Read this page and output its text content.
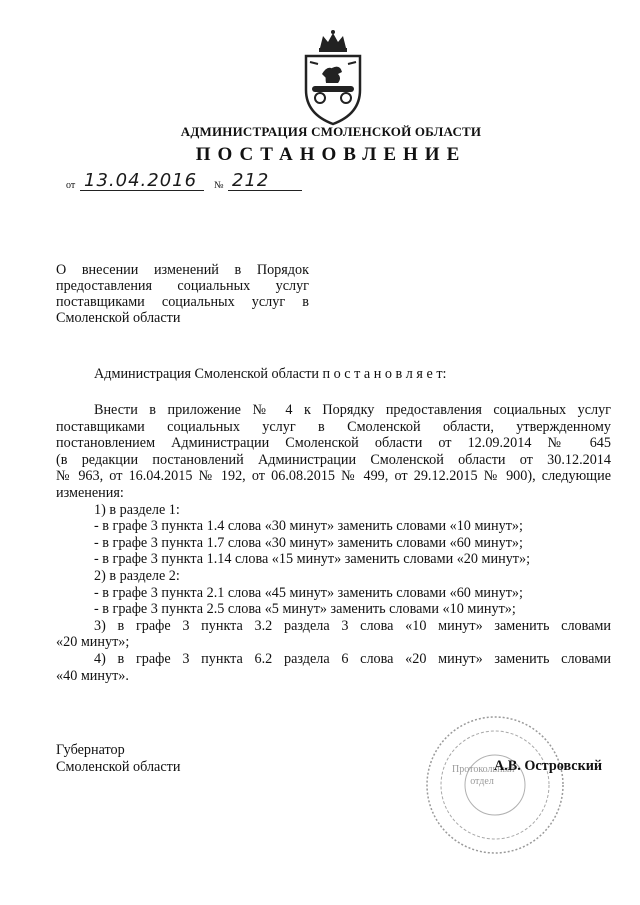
АДМИНИСТРАЦИЯ СМОЛЕНСКОЙ ОБЛАСТИ
ПОСТАНОВЛЕНИЕ
от 13.04.2016 № 212
О внесении изменений в Порядок
предоставления социальных услуг
поставщиками социальных услуг в
Смоленской области
Администрация Смоленской области п о с т а н о в л я е т:
Внести в приложение № 4 к Порядку предоставления социальных услуг
поставщиками социальных услуг в Смоленской области, утвержденному
постановлением Администрации Смоленской области от 12.09.2014 № 645
(в редакции постановлений Администрации Смоленской области от 30.12.2014
№ 963, от 16.04.2015 № 192, от 06.08.2015 № 499, от 29.12.2015 № 900), следующие
изменения:
1) в разделе 1:
- в графе 3 пункта 1.4 слова «30 минут» заменить словами «10 минут»;
- в графе 3 пункта 1.7 слова «30 минут» заменить словами «60 минут»;
- в графе 3 пункта 1.14 слова «15 минут» заменить словами «20 минут»;
2) в разделе 2:
- в графе 3 пункта 2.1 слова «45 минут» заменить словами «60 минут»;
- в графе 3 пункта 2.5 слова «5 минут» заменить словами «10 минут»;
3) в графе 3 пункта 3.2 раздела 3 слова «10 минут» заменить словами
«20 минут»;
4) в графе 3 пункта 6.2 раздела 6 слова «20 минут» заменить словами
«40 минут».
Губернатор
Смоленской области	Протокольный отдел
А.В. Островский
